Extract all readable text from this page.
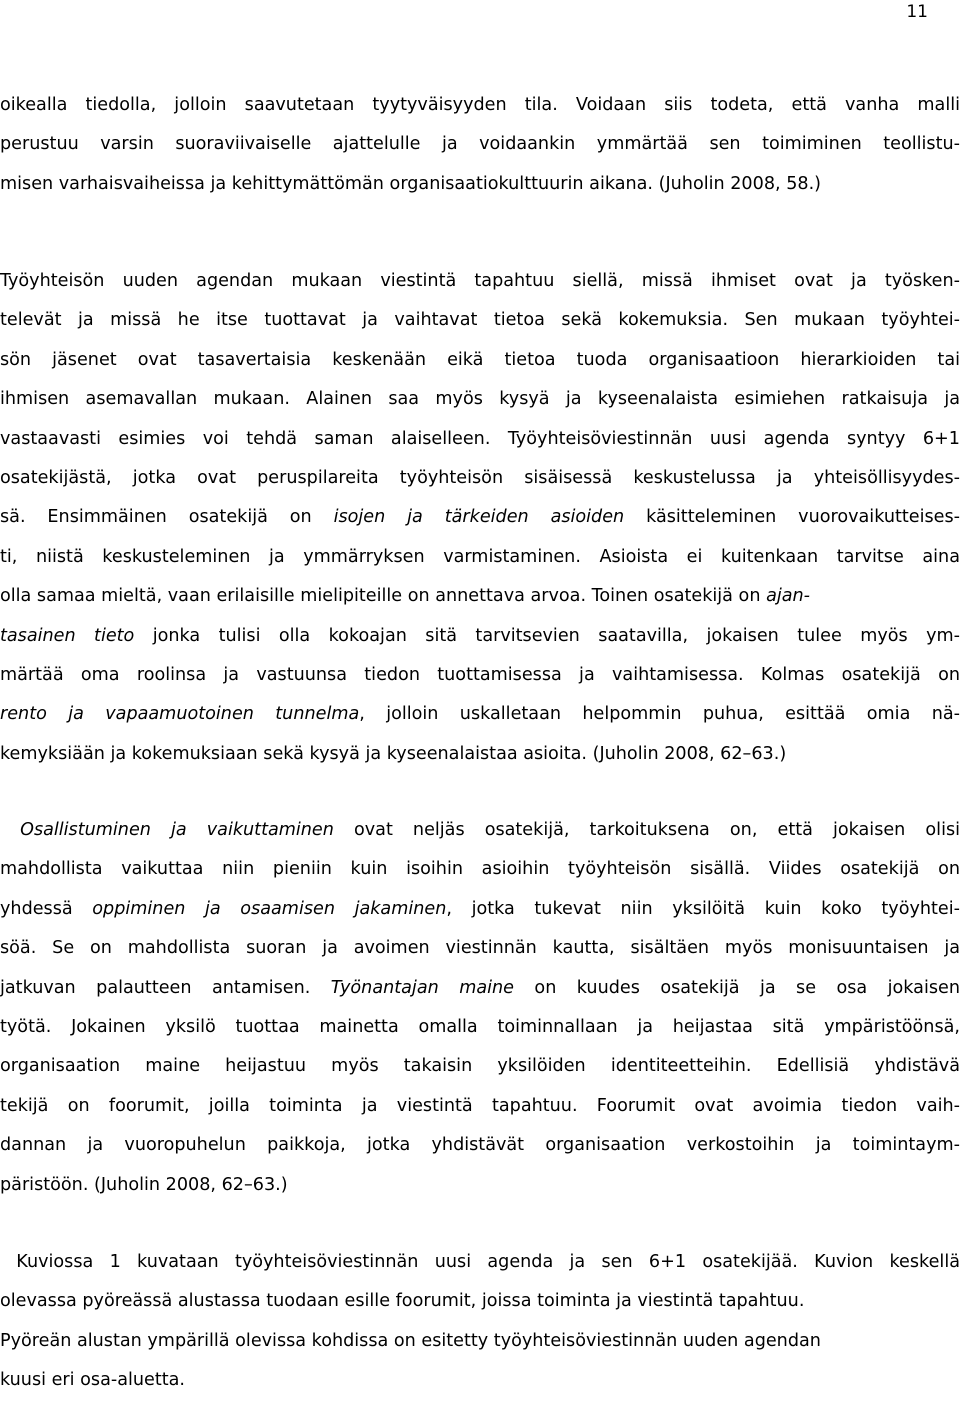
11
oikealla tiedolla, jolloin saavutetaan tyytyväisyyden tila. Voidaan siis todeta, että vanha malli
perustuu varsin suoraviivaiselle ajattelulle ja voidaankin ymmärtää sen toimiminen teollistu-
misen varhaisvaiheissa ja kehittymättömän organisaatiokulttuurin aikana. (Juholin 2008, 58.)
Työyhteisön uuden agendan mukaan viestintä tapahtuu siellä, missä ihmiset ovat ja työsken-
televät ja missä he itse tuottavat ja vaihtavat tietoa sekä kokemuksia. Sen mukaan työyhtei-
sön jäsenet ovat tasavertaisia keskenään eikä tietoa tuoda organisaatioon hierarkioiden tai
ihmisen asemavallan mukaan. Alainen saa myös kysyä ja kyseenalaista esimiehen ratkaisuja ja
vastaavasti esimies voi tehdä saman alaiselleen. Työyhteisöviestinnän uusi agenda syntyy 6+1
osatekijästä, jotka ovat peruspilareita työyhteisön sisäisessä keskustelussa ja yhteisöllisyydes-
sä. Ensimmäinen osatekijä on isojen ja tärkeiden asioiden käsitteleminen vuorovaikutteises-
ti, niistä keskusteleminen ja ymmärryksen varmistaminen. Asioista ei kuitenkaan tarvitse aina
olla samaa mieltä, vaan erilaisille mielipiteille on annettava arvoa. Toinen osatekijä on ajan-
tasainen tieto jonka tulisi olla kokoajan sitä tarvitsevien saatavilla, jokaisen tulee myös ym-
märtää oma roolinsa ja vastuunsa tiedon tuottamisessa ja vaihtamisessa. Kolmas osatekijä on
rento ja vapaamuotoinen tunnelma, jolloin uskalletaan helpommin puhua, esittää omia nä-
kemyksiään ja kokemuksiaan sekä kysyä ja kyseenalaistaa asioita. (Juholin 2008, 62–63.)
Osallistuminen ja vaikuttaminen ovat neljäs osatekijä, tarkoituksena on, että jokaisen olisi
mahdollista vaikuttaa niin pieniin kuin isoihin asioihin työyhteisön sisällä. Viides osatekijä on
yhdessä oppiminen ja osaamisen jakaminen, jotka tukevat niin yksilöitä kuin koko työyhtei-
söä. Se on mahdollista suoran ja avoimen viestinnän kautta, sisältäen myös monisuuntaisen ja
jatkuvan palautteen antamisen. Työnantajan maine on kuudes osatekijä ja se osa jokaisen
työtä. Jokainen yksilö tuottaa mainetta omalla toiminnallaan ja heijastaa sitä ympäristöönsä,
organisaation maine heijastuu myös takaisin yksilöiden identiteetteihin. Edellisiä yhdistävä
tekijä on foorumit, joilla toiminta ja viestintä tapahtuu. Foorumit ovat avoimia tiedon vaih-
dannan ja vuoropuhelun paikkoja, jotka yhdistävät organisaation verkostoihin ja toimintaym-
päristöön. (Juholin 2008, 62–63.)
Kuviossa 1 kuvataan työyhteisöviestinnän uusi agenda ja sen 6+1 osatekijää. Kuvion keskellä
olevassa pyöreässä alustassa tuodaan esille foorumit, joissa toiminta ja viestintä tapahtuu.
Pyöreän alustan ympärillä olevissa kohdissa on esitetty työyhteisöviestinnän uuden agendan
kuusi eri osa-aluetta.
